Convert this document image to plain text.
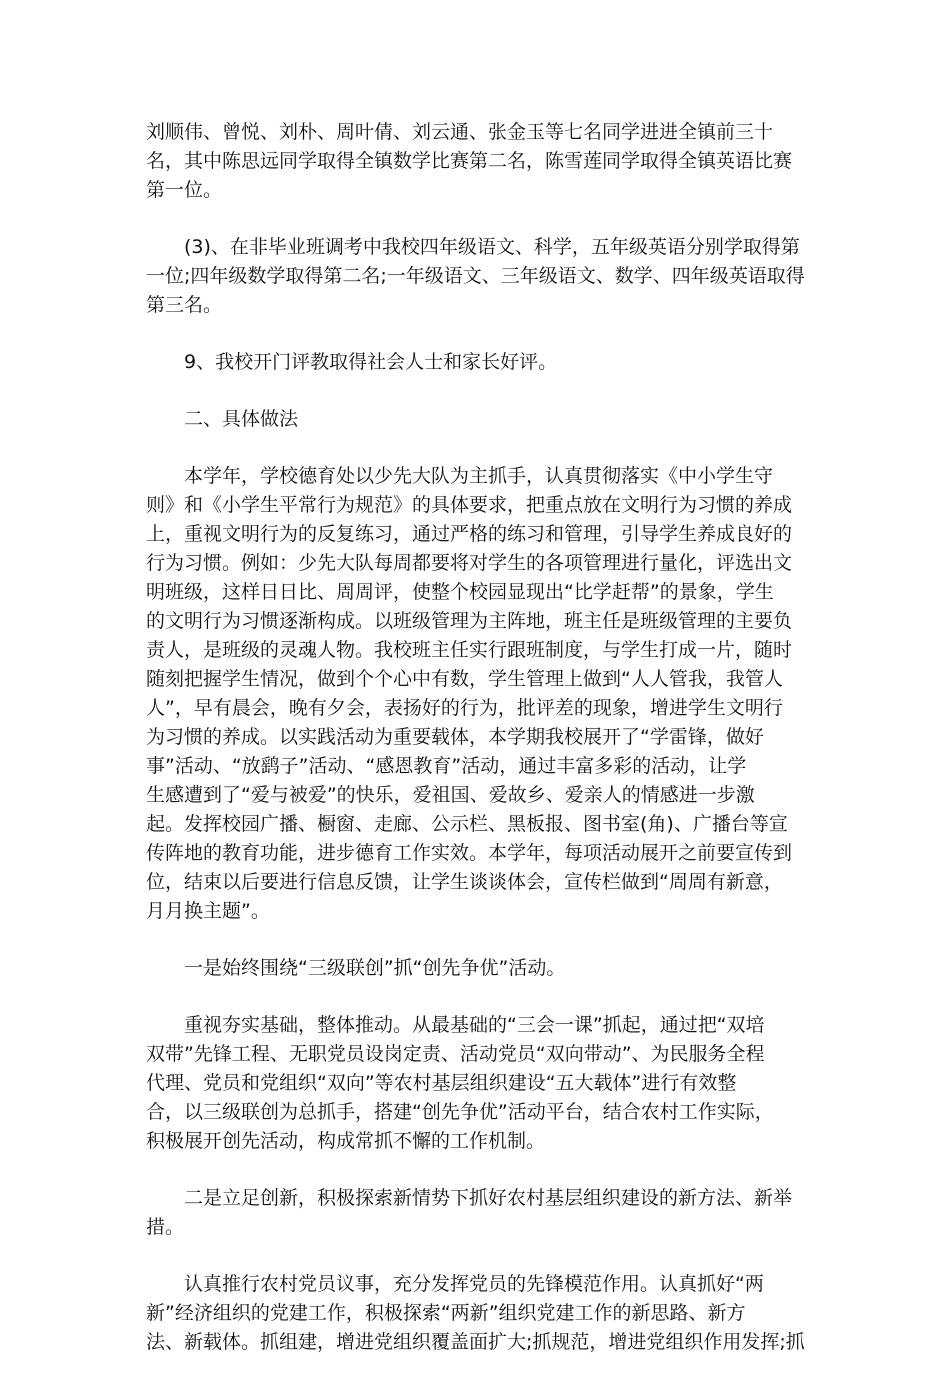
刘顺伟、曾悦、刘朴、周叶倩、刘云通、张金玉等七名同学进进全镇前三十
名，其中陈思远同学取得全镇数学比赛第二名，陈雪莲同学取得全镇英语比赛
第一位。

(3)、在非毕业班调考中我校四年级语文、科学，五年级英语分别学取得第
一位;四年级数学取得第二名;一年级语文、三年级语文、数学、四年级英语取得
第三名。

9、我校开门评教取得社会人士和家长好评。

二、具体做法

本学年，学校德育处以少先大队为主抓手，认真贯彻落实《中小学生守
则》和《小学生平常行为规范》的具体要求，把重点放在文明行为习惯的养成
上，重视文明行为的反复练习，通过严格的练习和管理，引导学生养成良好的
行为习惯。例如：少先大队每周都要将对学生的各项管理进行量化，评选出文
明班级，这样日日比、周周评，使整个校园显现出“比学赶帮”的景象，学生
的文明行为习惯逐渐构成。以班级管理为主阵地，班主任是班级管理的主要负
责人，是班级的灵魂人物。我校班主任实行跟班制度，与学生打成一片，随时
随刻把握学生情况，做到个个心中有数，学生管理上做到“人人管我，我管人
人”，早有晨会，晚有夕会，表扬好的行为，批评差的现象，增进学生文明行
为习惯的养成。以实践活动为重要载体，本学期我校展开了“学雷锋，做好
事”活动、“放鹞子”活动、“感恩教育”活动，通过丰富多彩的活动，让学
生感遭到了“爱与被爱”的快乐，爱祖国、爱故乡、爱亲人的情感进一步激
起。发挥校园广播、橱窗、走廊、公示栏、黑板报、图书室(角)、广播台等宣
传阵地的教育功能，进步德育工作实效。本学年，每项活动展开之前要宣传到
位，结束以后要进行信息反馈，让学生谈谈体会，宣传栏做到“周周有新意，
月月换主题”。

一是始终围绕“三级联创”抓“创先争优”活动。

重视夯实基础，整体推动。从最基础的“三会一课”抓起，通过把“双培
双带”先锋工程、无职党员设岗定责、活动党员“双向带动”、为民服务全程
代理、党员和党组织“双向”等农村基层组织建设“五大载体”进行有效整
合，以三级联创为总抓手，搭建“创先争优”活动平台，结合农村工作实际，
积极展开创先活动，构成常抓不懈的工作机制。

二是立足创新，积极探索新情势下抓好农村基层组织建设的新方法、新举
措。

认真推行农村党员议事，充分发挥党员的先锋模范作用。认真抓好“两
新”经济组织的党建工作，积极探索“两新”组织党建工作的新思路、新方
法、新载体。抓组建，增进党组织覆盖面扩大;抓规范，增进党组织作用发挥;抓
